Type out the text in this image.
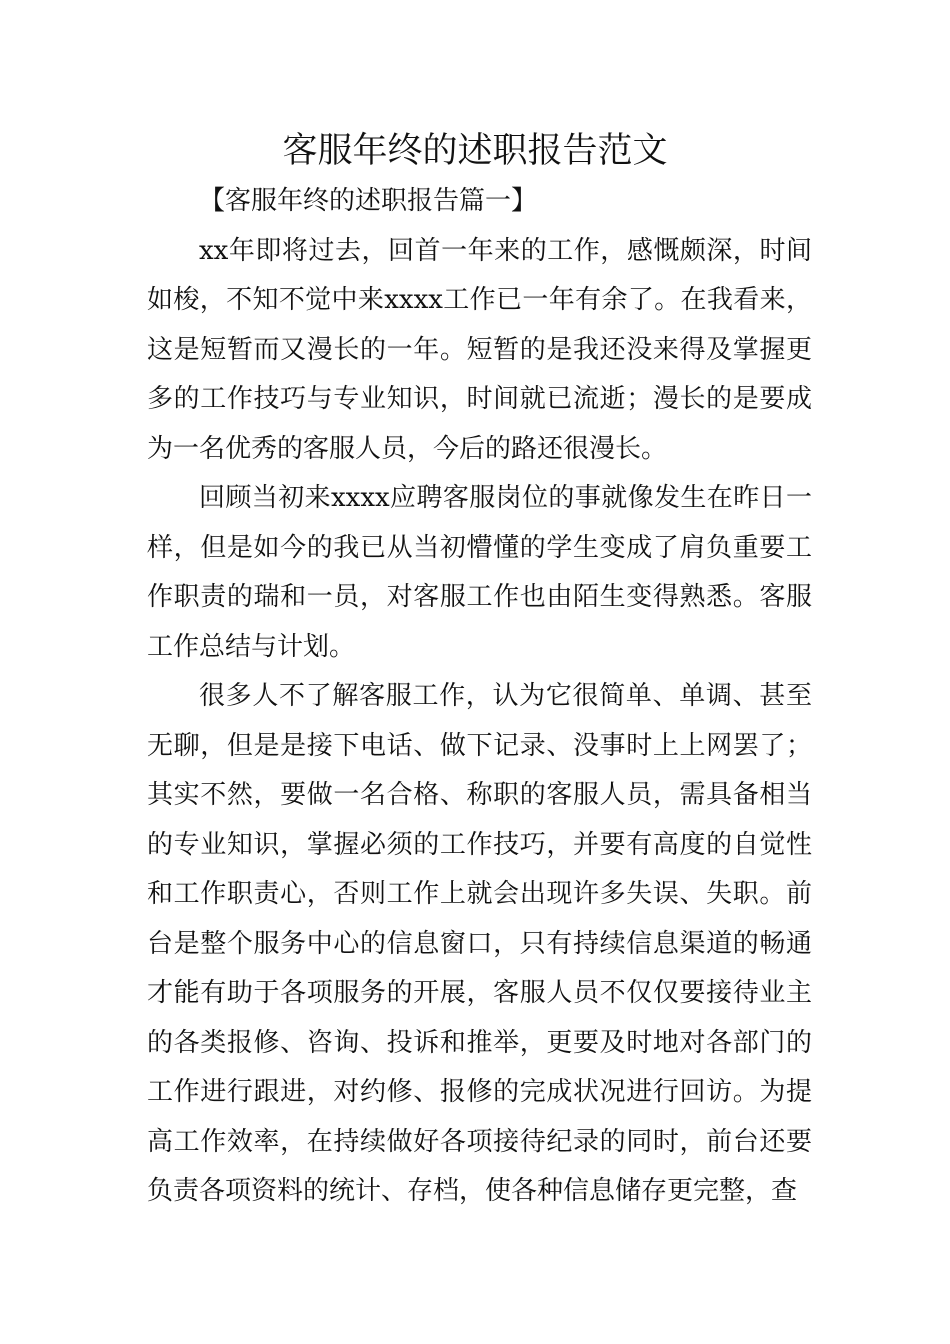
客服年终的述职报告范文

【客服年终的述职报告篇一】

xx年即将过去，回首一年来的工作，感慨颇深，时间如梭，不知不觉中来xxxx工作已一年有余了。在我看来，这是短暂而又漫长的一年。短暂的是我还没来得及掌握更多的工作技巧与专业知识，时间就已流逝；漫长的是要成为一名优秀的客服人员，今后的路还很漫长。

回顾当初来xxxx应聘客服岗位的事就像发生在昨日一样，但是如今的我已从当初懵懂的学生变成了肩负重要工作职责的瑞和一员，对客服工作也由陌生变得熟悉。客服工作总结与计划。

很多人不了解客服工作，认为它很简单、单调、甚至无聊，但是是接下电话、做下记录、没事时上上网罢了；其实不然，要做一名合格、称职的客服人员，需具备相当的专业知识，掌握必须的工作技巧，并要有高度的自觉性和工作职责心，否则工作上就会出现许多失误、失职。前台是整个服务中心的信息窗口，只有持续信息渠道的畅通才能有助于各项服务的开展，客服人员不仅仅要接待业主的各类报修、咨询、投诉和推举，更要及时地对各部门的工作进行跟进，对约修、报修的完成状况进行回访。为提高工作效率，在持续做好各项接待纪录的同时，前台还要负责各项资料的统计、存档，使各种信息储存更完整，查
